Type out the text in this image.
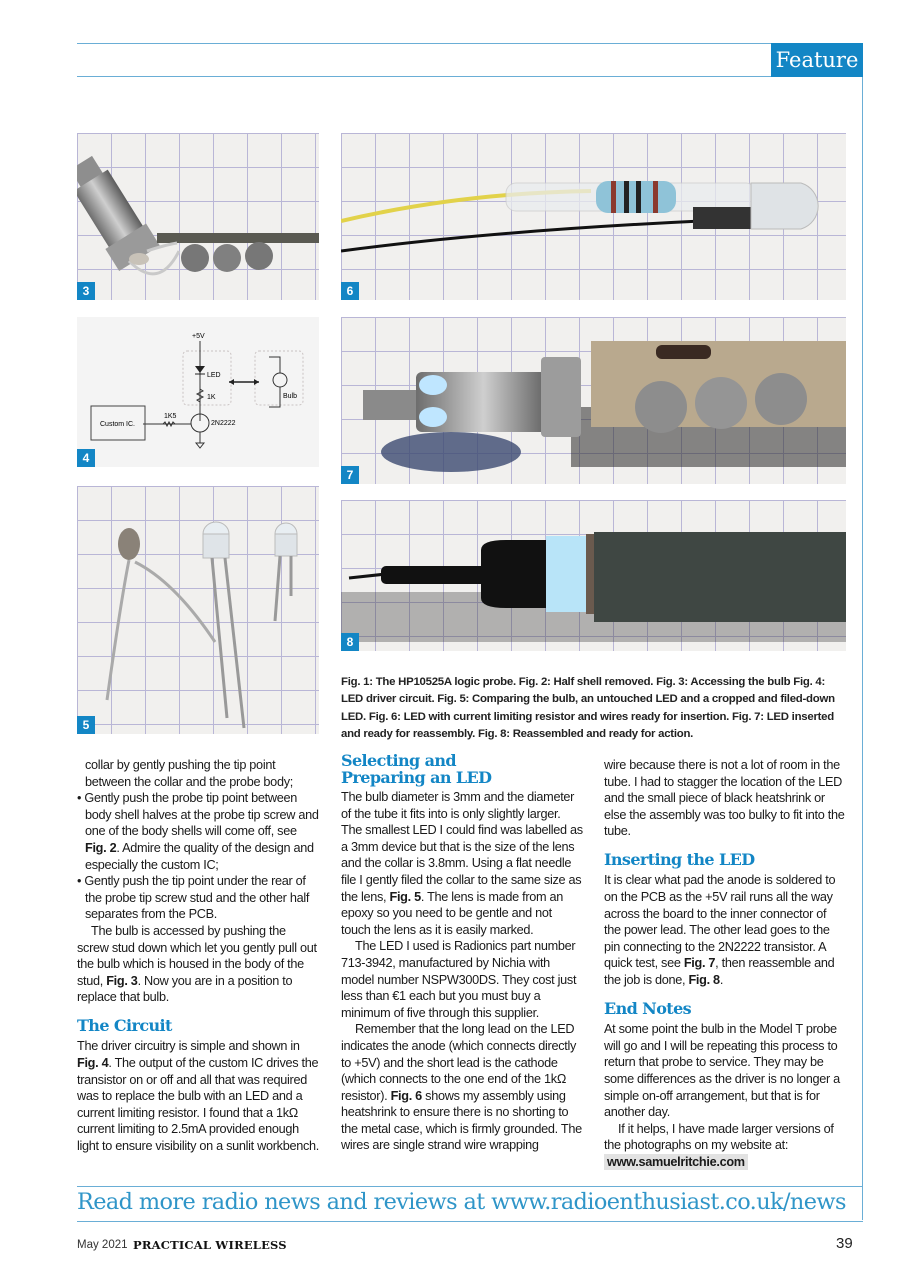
Feature
3
+5V
LED
1K
1K5
2N2222
Custom IC.
Bulb
4
5
6
7
8
Fig. 1: The HP10525A logic probe. Fig. 2: Half shell removed. Fig. 3: Accessing the bulb Fig. 4: LED driver circuit. Fig. 5: Comparing the bulb, an untouched LED and a cropped and filed-down LED. Fig. 6: LED with current limiting resistor and wires ready for insertion. Fig. 7: LED inserted and ready for reassembly. Fig. 8: Reassembled and ready for action.
collar by gently pushing the tip point between the collar and the probe body;
• Gently push the probe tip point between body shell halves at the probe tip screw and one of the body shells will come off, see Fig. 2. Admire the quality of the design and especially the custom IC;
• Gently push the tip point under the rear of the probe tip screw stud and the other half separates from the PCB.

The bulb is accessed by pushing the screw stud down which let you gently pull out the bulb which is housed in the body of the stud, Fig. 3. Now you are in a position to replace that bulb.

The Circuit

The driver circuitry is simple and shown in Fig. 4. The output of the custom IC drives the transistor on or off and all that was required was to replace the bulb with an LED and a current limiting resistor. I found that a 1kΩ current limiting to 2.5mA provided enough light to ensure visibility on a sunlit workbench.

Selecting and Preparing an LED

The bulb diameter is 3mm and the diameter of the tube it fits into is only slightly larger. The smallest LED I could find was labelled as a 3mm device but that is the size of the lens and the collar is 3.8mm. Using a flat needle file I gently filed the collar to the same size as the lens, Fig. 5. The lens is made from an epoxy so you need to be gentle and not touch the lens as it is easily marked.

The LED I used is Radionics part number 713-3942, manufactured by Nichia with model number NSPW300DS. They cost just less than €1 each but you must buy a minimum of five through this supplier.

Remember that the long lead on the LED indicates the anode (which connects directly to +5V) and the short lead is the cathode (which connects to the one end of the 1kΩ resistor). Fig. 6 shows my assembly using heatshrink to ensure there is no shorting to the metal case, which is firmly grounded. The wires are single strand wire wrapping

wire because there is not a lot of room in the tube. I had to stagger the location of the LED and the small piece of black heatshrink or else the assembly was too bulky to fit into the tube.

Inserting the LED

It is clear what pad the anode is soldered to on the PCB as the +5V rail runs all the way across the board to the inner connector of the power lead. The other lead goes to the pin connecting to the 2N2222 transistor. A quick test, see Fig. 7, then reassemble and the job is done, Fig. 8.

End Notes

At some point the bulb in the Model T probe will go and I will be repeating this process to return that probe to service. They may be some differences as the driver is no longer a simple on-off arrangement, but that is for another day.

If it helps, I have made larger versions of the photographs on my website at:

www.samuelritchie.com

Read more radio news and reviews at www.radioenthusiast.co.uk/news
May 2021 PRACTICAL WIRELESS	39
